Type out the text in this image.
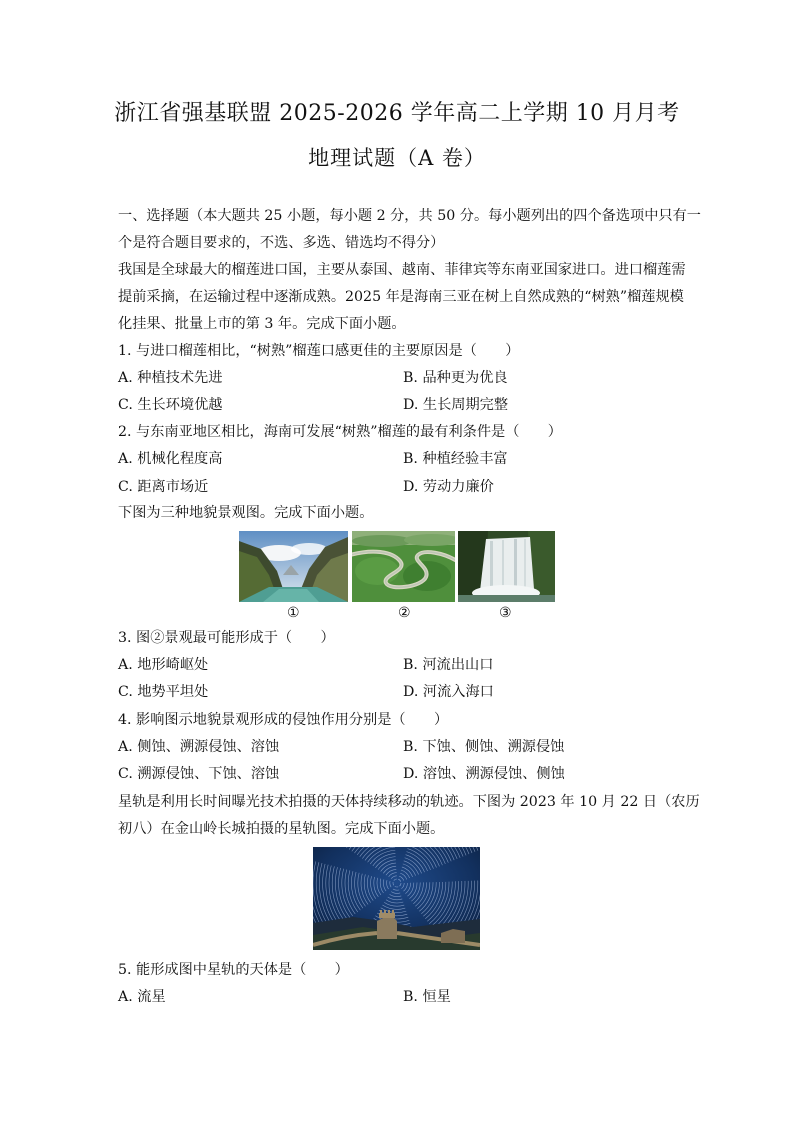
浙江省强基联盟 2025-2026 学年高二上学期 10 月月考
地理试题（A 卷）
一、选择题（本大题共 25 小题，每小题 2 分，共 50 分。每小题列出的四个备选项中只有一
个是符合题目要求的，不选、多选、错选均不得分）
我国是全球最大的榴莲进口国，主要从泰国、越南、菲律宾等东南亚国家进口。进口榴莲需
提前采摘，在运输过程中逐渐成熟。2025 年是海南三亚在树上自然成熟的“树熟”榴莲规模
化挂果、批量上市的第 3 年。完成下面小题。
1. 与进口榴莲相比，“树熟”榴莲口感更佳的主要原因是（　　）
A. 种植技术先进	B. 品种更为优良
C. 生长环境优越	D. 生长周期完整
2. 与东南亚地区相比，海南可发展“树熟”榴莲的最有利条件是（　　）
A. 机械化程度高	B. 种植经验丰富
C. 距离市场近	D. 劳动力廉价
下图为三种地貌景观图。完成下面小题。
①	②	③
3. 图②景观最可能形成于（　　）
A. 地形崎岖处	B. 河流出山口
C. 地势平坦处	D. 河流入海口
4. 影响图示地貌景观形成的侵蚀作用分别是（　　）
A. 侧蚀、溯源侵蚀、溶蚀	B. 下蚀、侧蚀、溯源侵蚀
C. 溯源侵蚀、下蚀、溶蚀	D. 溶蚀、溯源侵蚀、侧蚀
星轨是利用长时间曝光技术拍摄的天体持续移动的轨迹。下图为 2023 年 10 月 22 日（农历
初八）在金山岭长城拍摄的星轨图。完成下面小题。
5. 能形成图中星轨的天体是（　　）
A. 流星	B. 恒星
